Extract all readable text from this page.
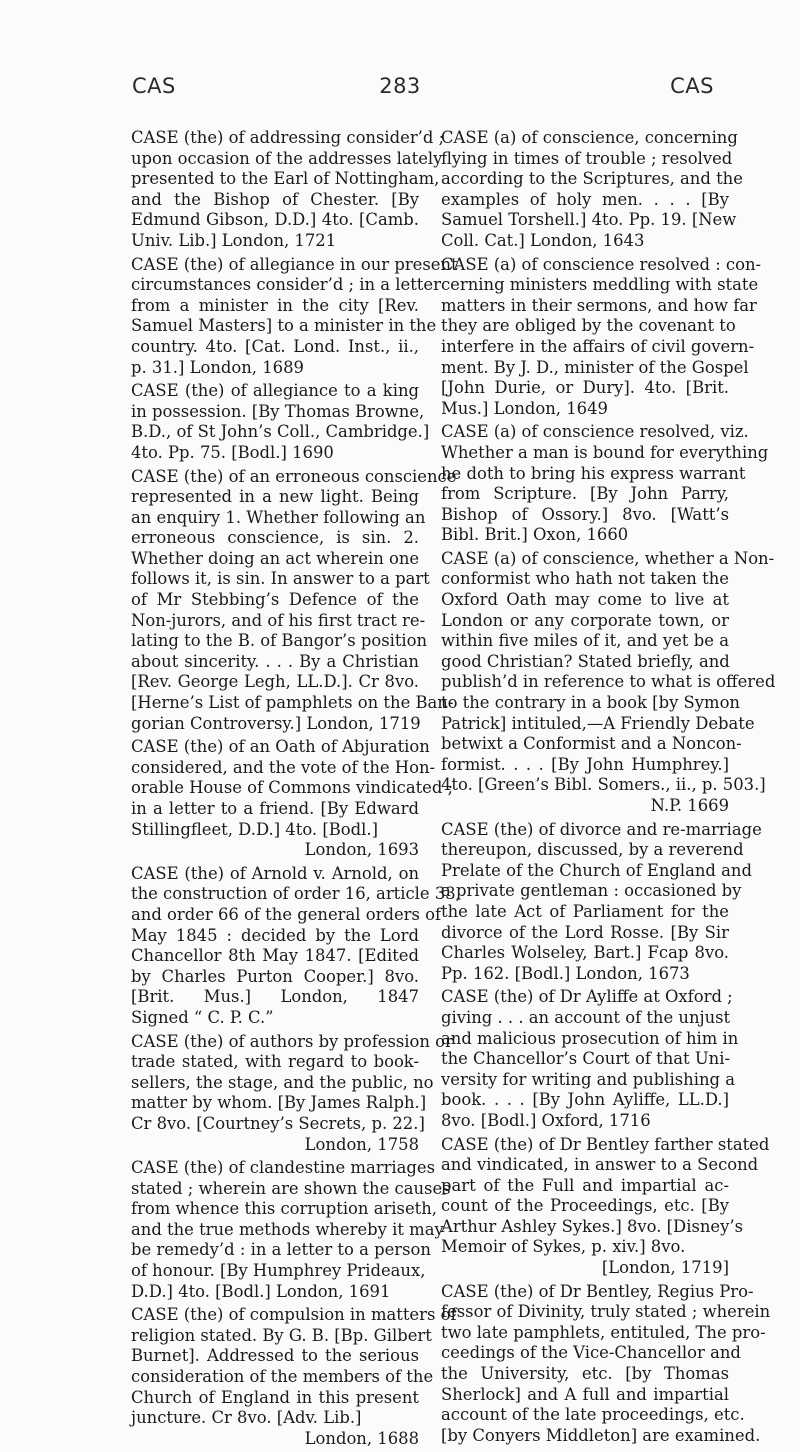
CAS	283	CAS
CASE (the) of addressing consider’d ;
upon occasion of the addresses lately
presented to the Earl of Nottingham,
and the Bishop of Chester. [By
Edmund Gibson, D.D.] 4to. [Camb.
Univ. Lib.] London, 1721
CASE (the) of allegiance in our present
circumstances consider’d ; in a letter
from a minister in the city [Rev.
Samuel Masters] to a minister in the
country. 4to. [Cat. Lond. Inst., ii.,
p. 31.] London, 1689
CASE (the) of allegiance to a king
in possession. [By Thomas Browne,
B.D., of St John’s Coll., Cambridge.]
4to. Pp. 75. [Bodl.] 1690
CASE (the) of an erroneous conscience
represented in a new light. Being
an enquiry 1. Whether following an
erroneous conscience, is sin. 2.
Whether doing an act wherein one
follows it, is sin. In answer to a part
of Mr Stebbing’s Defence of the
Non-jurors, and of his first tract re-
lating to the B. of Bangor’s position
about sincerity. . . . By a Christian
[Rev. George Legh, LL.D.]. Cr 8vo.
[Herne’s List of pamphlets on the Ban-
gorian Controversy.] London, 1719
CASE (the) of an Oath of Abjuration
considered, and the vote of the Hon-
orable House of Commons vindicated ;
in a letter to a friend. [By Edward
Stillingfleet, D.D.] 4to. [Bodl.]
London, 1693
CASE (the) of Arnold v. Arnold, on
the construction of order 16, article 33,
and order 66 of the general orders of
May 1845 : decided by the Lord
Chancellor 8th May 1847. [Edited
by Charles Purton Cooper.] 8vo.
[Brit. Mus.] London, 1847
Signed “ C. P. C.”
CASE (the) of authors by profession or
trade stated, with regard to book-
sellers, the stage, and the public, no
matter by whom. [By James Ralph.]
Cr 8vo. [Courtney’s Secrets, p. 22.]
London, 1758
CASE (the) of clandestine marriages
stated ; wherein are shown the causes
from whence this corruption ariseth,
and the true methods whereby it may
be remedy’d : in a letter to a person
of honour. [By Humphrey Prideaux,
D.D.] 4to. [Bodl.] London, 1691
CASE (the) of compulsion in matters of
religion stated. By G. B. [Bp. Gilbert
Burnet]. Addressed to the serious
consideration of the members of the
Church of England in this present
juncture. Cr 8vo. [Adv. Lib.]
London, 1688
CASE (a) of conscience, concerning
flying in times of trouble ; resolved
according to the Scriptures, and the
examples of holy men. . . . [By
Samuel Torshell.] 4to. Pp. 19. [New
Coll. Cat.] London, 1643
CASE (a) of conscience resolved : con-
cerning ministers meddling with state
matters in their sermons, and how far
they are obliged by the covenant to
interfere in the affairs of civil govern-
ment. By J. D., minister of the Gospel
[John Durie, or Dury]. 4to. [Brit.
Mus.] London, 1649
CASE (a) of conscience resolved, viz.
Whether a man is bound for everything
he doth to bring his express warrant
from Scripture. [By John Parry,
Bishop of Ossory.] 8vo. [Watt’s
Bibl. Brit.] Oxon, 1660
CASE (a) of conscience, whether a Non-
conformist who hath not taken the
Oxford Oath may come to live at
London or any corporate town, or
within five miles of it, and yet be a
good Christian? Stated briefly, and
publish’d in reference to what is offered
to the contrary in a book [by Symon
Patrick] intituled,—A Friendly Debate
betwixt a Conformist and a Noncon-
formist. . . . [By John Humphrey.]
4to. [Green’s Bibl. Somers., ii., p. 503.]
N.P. 1669
CASE (the) of divorce and re-marriage
thereupon, discussed, by a reverend
Prelate of the Church of England and
a private gentleman : occasioned by
the late Act of Parliament for the
divorce of the Lord Rosse. [By Sir
Charles Wolseley, Bart.] Fcap 8vo.
Pp. 162. [Bodl.] London, 1673
CASE (the) of Dr Ayliffe at Oxford ;
giving . . . an account of the unjust
and malicious prosecution of him in
the Chancellor’s Court of that Uni-
versity for writing and publishing a
book. . . . [By John Ayliffe, LL.D.]
8vo. [Bodl.] Oxford, 1716
CASE (the) of Dr Bentley farther stated
and vindicated, in answer to a Second
part of the Full and impartial ac-
count of the Proceedings, etc. [By
Arthur Ashley Sykes.] 8vo. [Disney’s
Memoir of Sykes, p. xiv.] 8vo.
[London, 1719]
CASE (the) of Dr Bentley, Regius Pro-
fessor of Divinity, truly stated ; wherein
two late pamphlets, entituled, The pro-
ceedings of the Vice-Chancellor and
the University, etc. [by Thomas
Sherlock] and A full and impartial
account of the late proceedings, etc.
[by Conyers Middleton] are examined.
